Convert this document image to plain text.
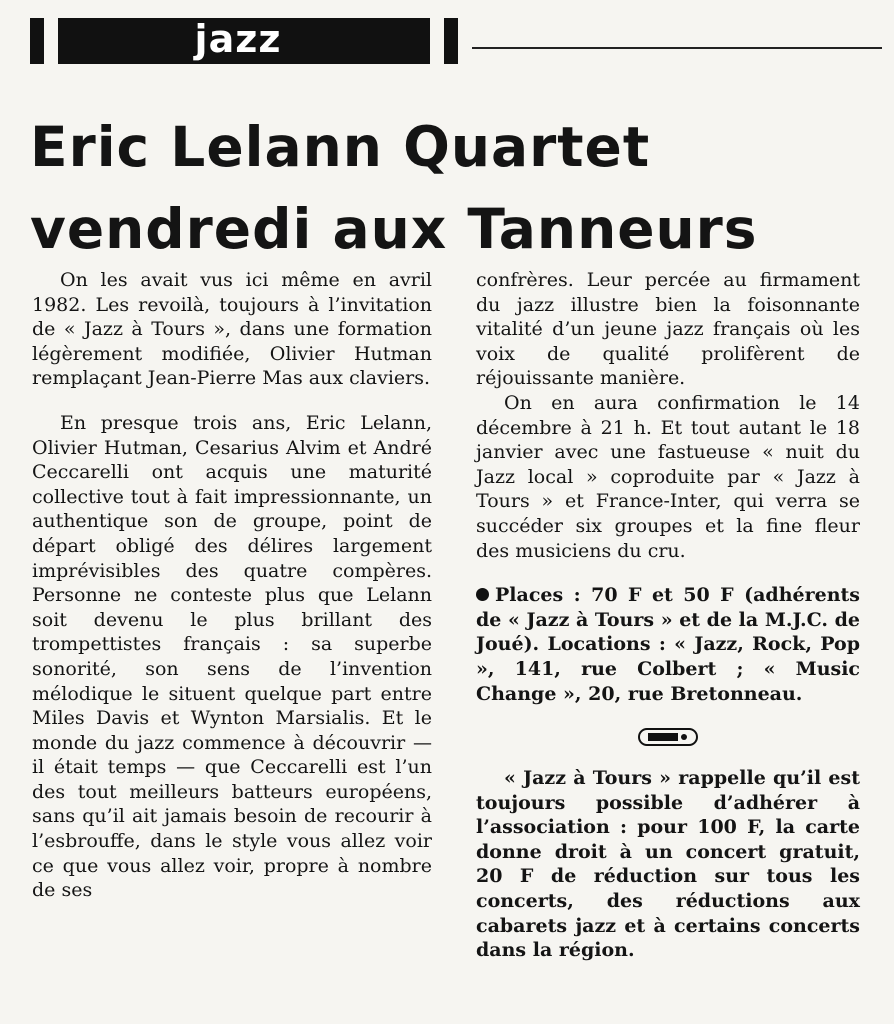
jazz
Eric Lelann Quartet
vendredi aux Tanneurs

On les avait vus ici même en avril 1982. Les revoilà, toujours à l’invitation de « Jazz à Tours », dans une formation légèrement modifiée, Olivier Hutman remplaçant Jean-Pierre Mas aux claviers.

En presque trois ans, Eric Lelann, Olivier Hutman, Cesarius Alvim et André Ceccarelli ont acquis une maturité collective tout à fait impressionnante, un authentique son de groupe, point de départ obligé des délires largement imprévisibles des quatre compères. Personne ne conteste plus que Lelann soit devenu le plus brillant des trompettistes français : sa superbe sonorité, son sens de l’invention mélodique le situent quelque part entre Miles Davis et Wynton Marsialis. Et le monde du jazz commence à découvrir — il était temps — que Ceccarelli est l’un des tout meilleurs batteurs européens, sans qu’il ait jamais besoin de recourir à l’esbrouffe, dans le style vous allez voir ce que vous allez voir, propre à nombre de ses

confrères. Leur percée au firmament du jazz illustre bien la foisonnante vitalité d’un jeune jazz français où les voix de qualité prolifèrent de réjouissante manière.

On en aura confirmation le 14 décembre à 21 h. Et tout autant le 18 janvier avec une fastueuse « nuit du Jazz local » coproduite par « Jazz à Tours » et France-Inter, qui verra se succéder six groupes et la fine fleur des musiciens du cru.

Places : 70 F et 50 F (adhérents de « Jazz à Tours » et de la M.J.C. de Joué). Locations : « Jazz, Rock, Pop », 141, rue Colbert ; « Music Change », 20, rue Bretonneau.

« Jazz à Tours » rappelle qu’il est toujours possible d’adhérer à l’association : pour 100 F, la carte donne droit à un concert gratuit, 20 F de réduction sur tous les concerts, des réductions aux cabarets jazz et à certains concerts dans la région.
